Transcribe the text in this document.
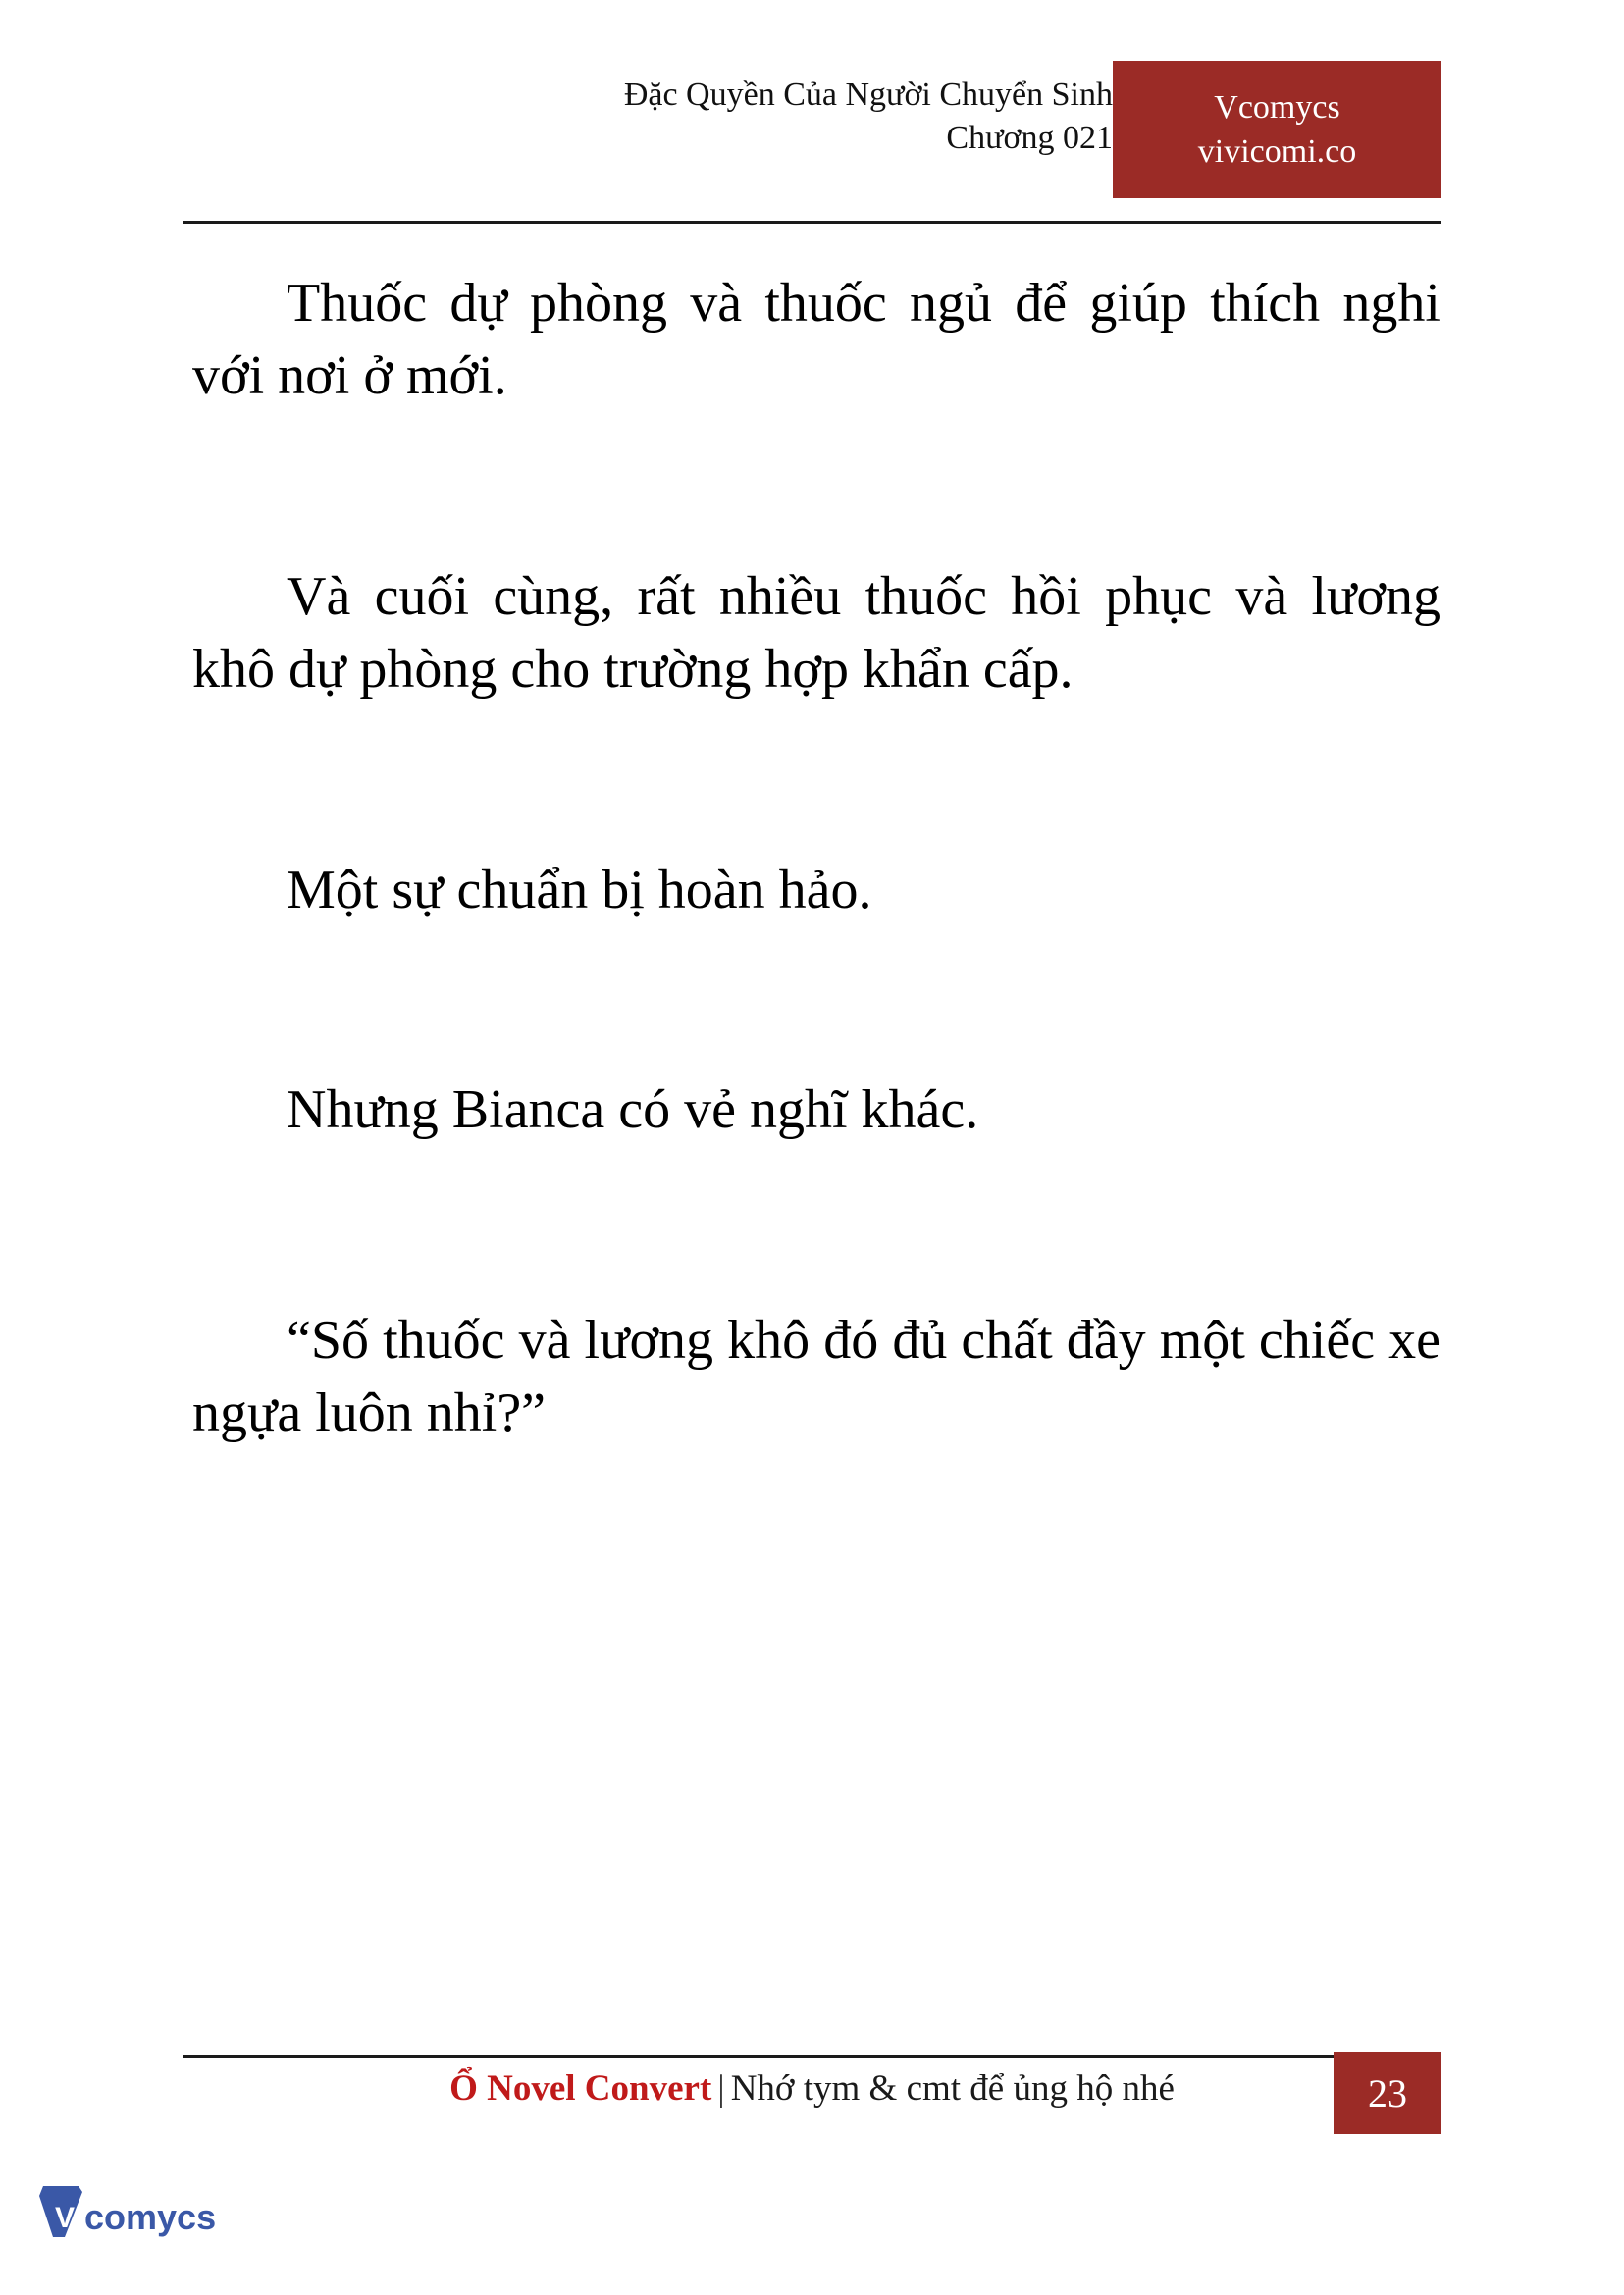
Đặc Quyền Của Người Chuyển Sinh
Chương 021
Vcomycs
vivicomi.co

Thuốc dự phòng và thuốc ngủ để giúp thích nghi với nơi ở mới.

Và cuối cùng, rất nhiều thuốc hồi phục và lương khô dự phòng cho trường hợp khẩn cấp.

Một sự chuẩn bị hoàn hảo.

Nhưng Bianca có vẻ nghĩ khác.

“Số thuốc và lương khô đó đủ chất đầy một chiếc xe ngựa luôn nhỉ?”

Ổ Novel Convert | Nhớ tym & cmt để ủng hộ nhé	23
V comycs
